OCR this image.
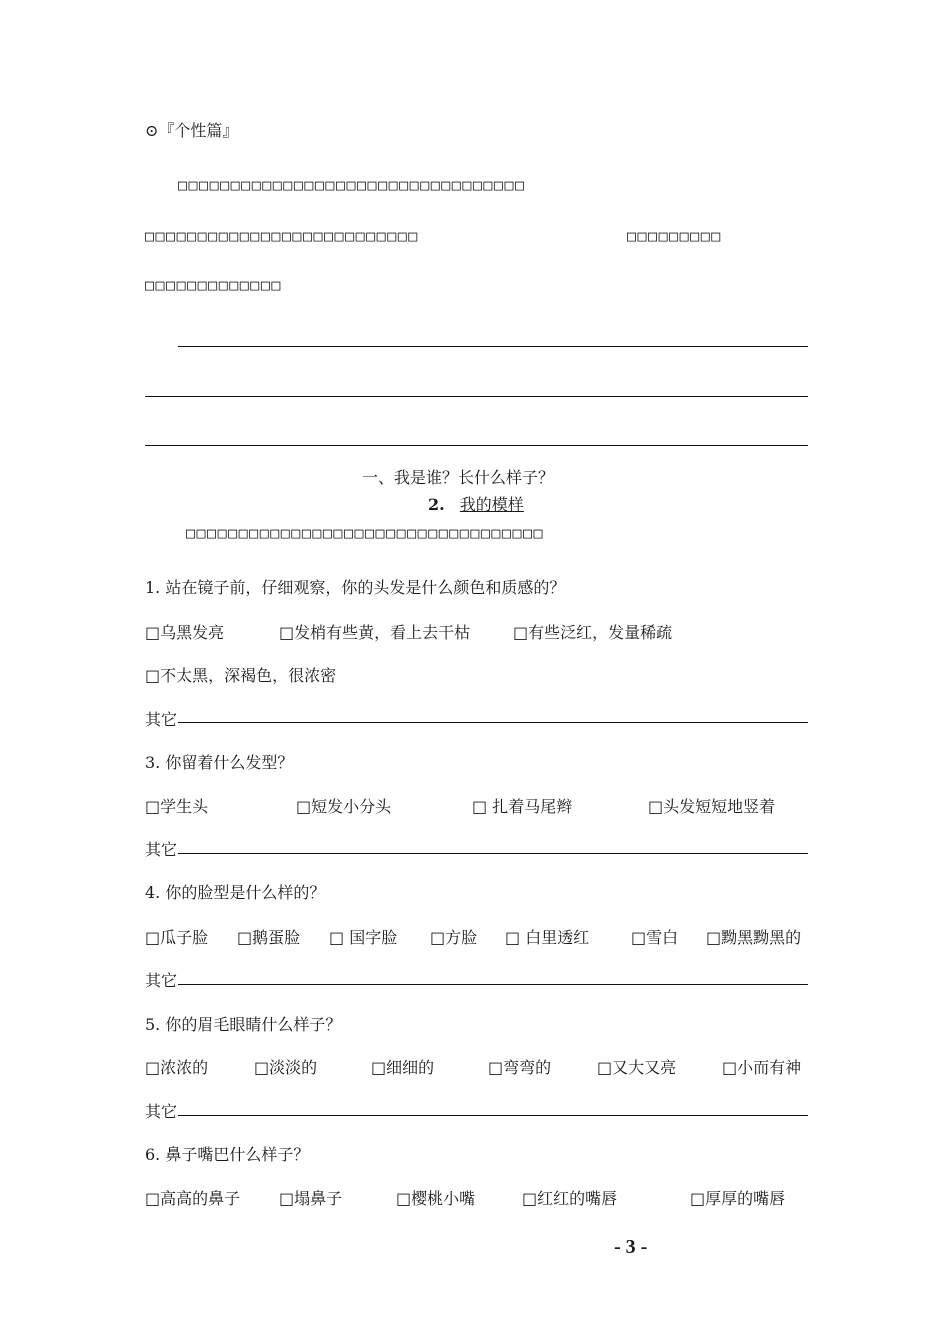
⊙『个性篇』
□□□□□□□□□□□□□□□□□□□□□□□□□□□□□□□□□
□□□□□□□□□□□□□□□□□□□□□□□□□□	□□□□□□□□□
□□□□□□□□□□□□□
一、我是谁？长什么样子？
2. 我的模样
□□□□□□□□□□□□□□□□□□□□□□□□□□□□□□□□□□
1. 站在镜子前，仔细观察，你的头发是什么颜色和质感的？
□乌黑发亮	□发梢有些黄，看上去干枯	□有些泛红，发量稀疏
□不太黑，深褐色，很浓密
其它
3. 你留着什么发型？
□学生头	□短发小分头	□ 扎着马尾辫	□头发短短地竖着
其它
4. 你的脸型是什么样的？
□瓜子脸 □鹅蛋脸 □ 国字脸 □方脸 □ 白里透红	□雪白 □黝黑黝黑的
其它
5. 你的眉毛眼睛什么样子？
□浓浓的	□淡淡的	□细细的	□弯弯的	□又大又亮	□小而有神
其它
6. 鼻子嘴巴什么样子？
□高高的鼻子 □塌鼻子	□樱桃小嘴	□红红的嘴唇	□厚厚的嘴唇
- 3 -
